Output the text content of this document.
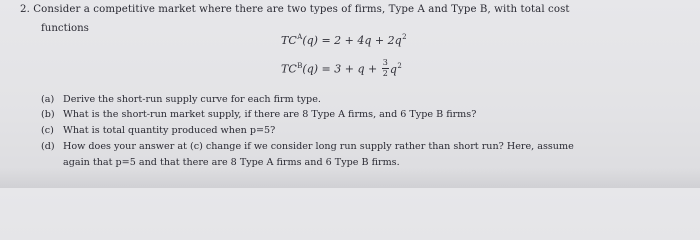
2. Consider a competitive market where there are two types of firms, Type A and Type B, with total cost
functions
$TC^A(q) = 2 + 4q + 2q^2$
$TC^B(q) = 3 + q + \frac{3}{2} q^2$
(a) Derive the short-run supply curve for each firm type.
(b) What is the short-run market supply, if there are 8 Type A firms, and 6 Type B firms?
(c) What is total quantity produced when p=5?
(d) How does your answer at (c) change if we consider long run supply rather than short run? Here, assume
again that p=5 and that there are 8 Type A firms and 6 Type B firms.
